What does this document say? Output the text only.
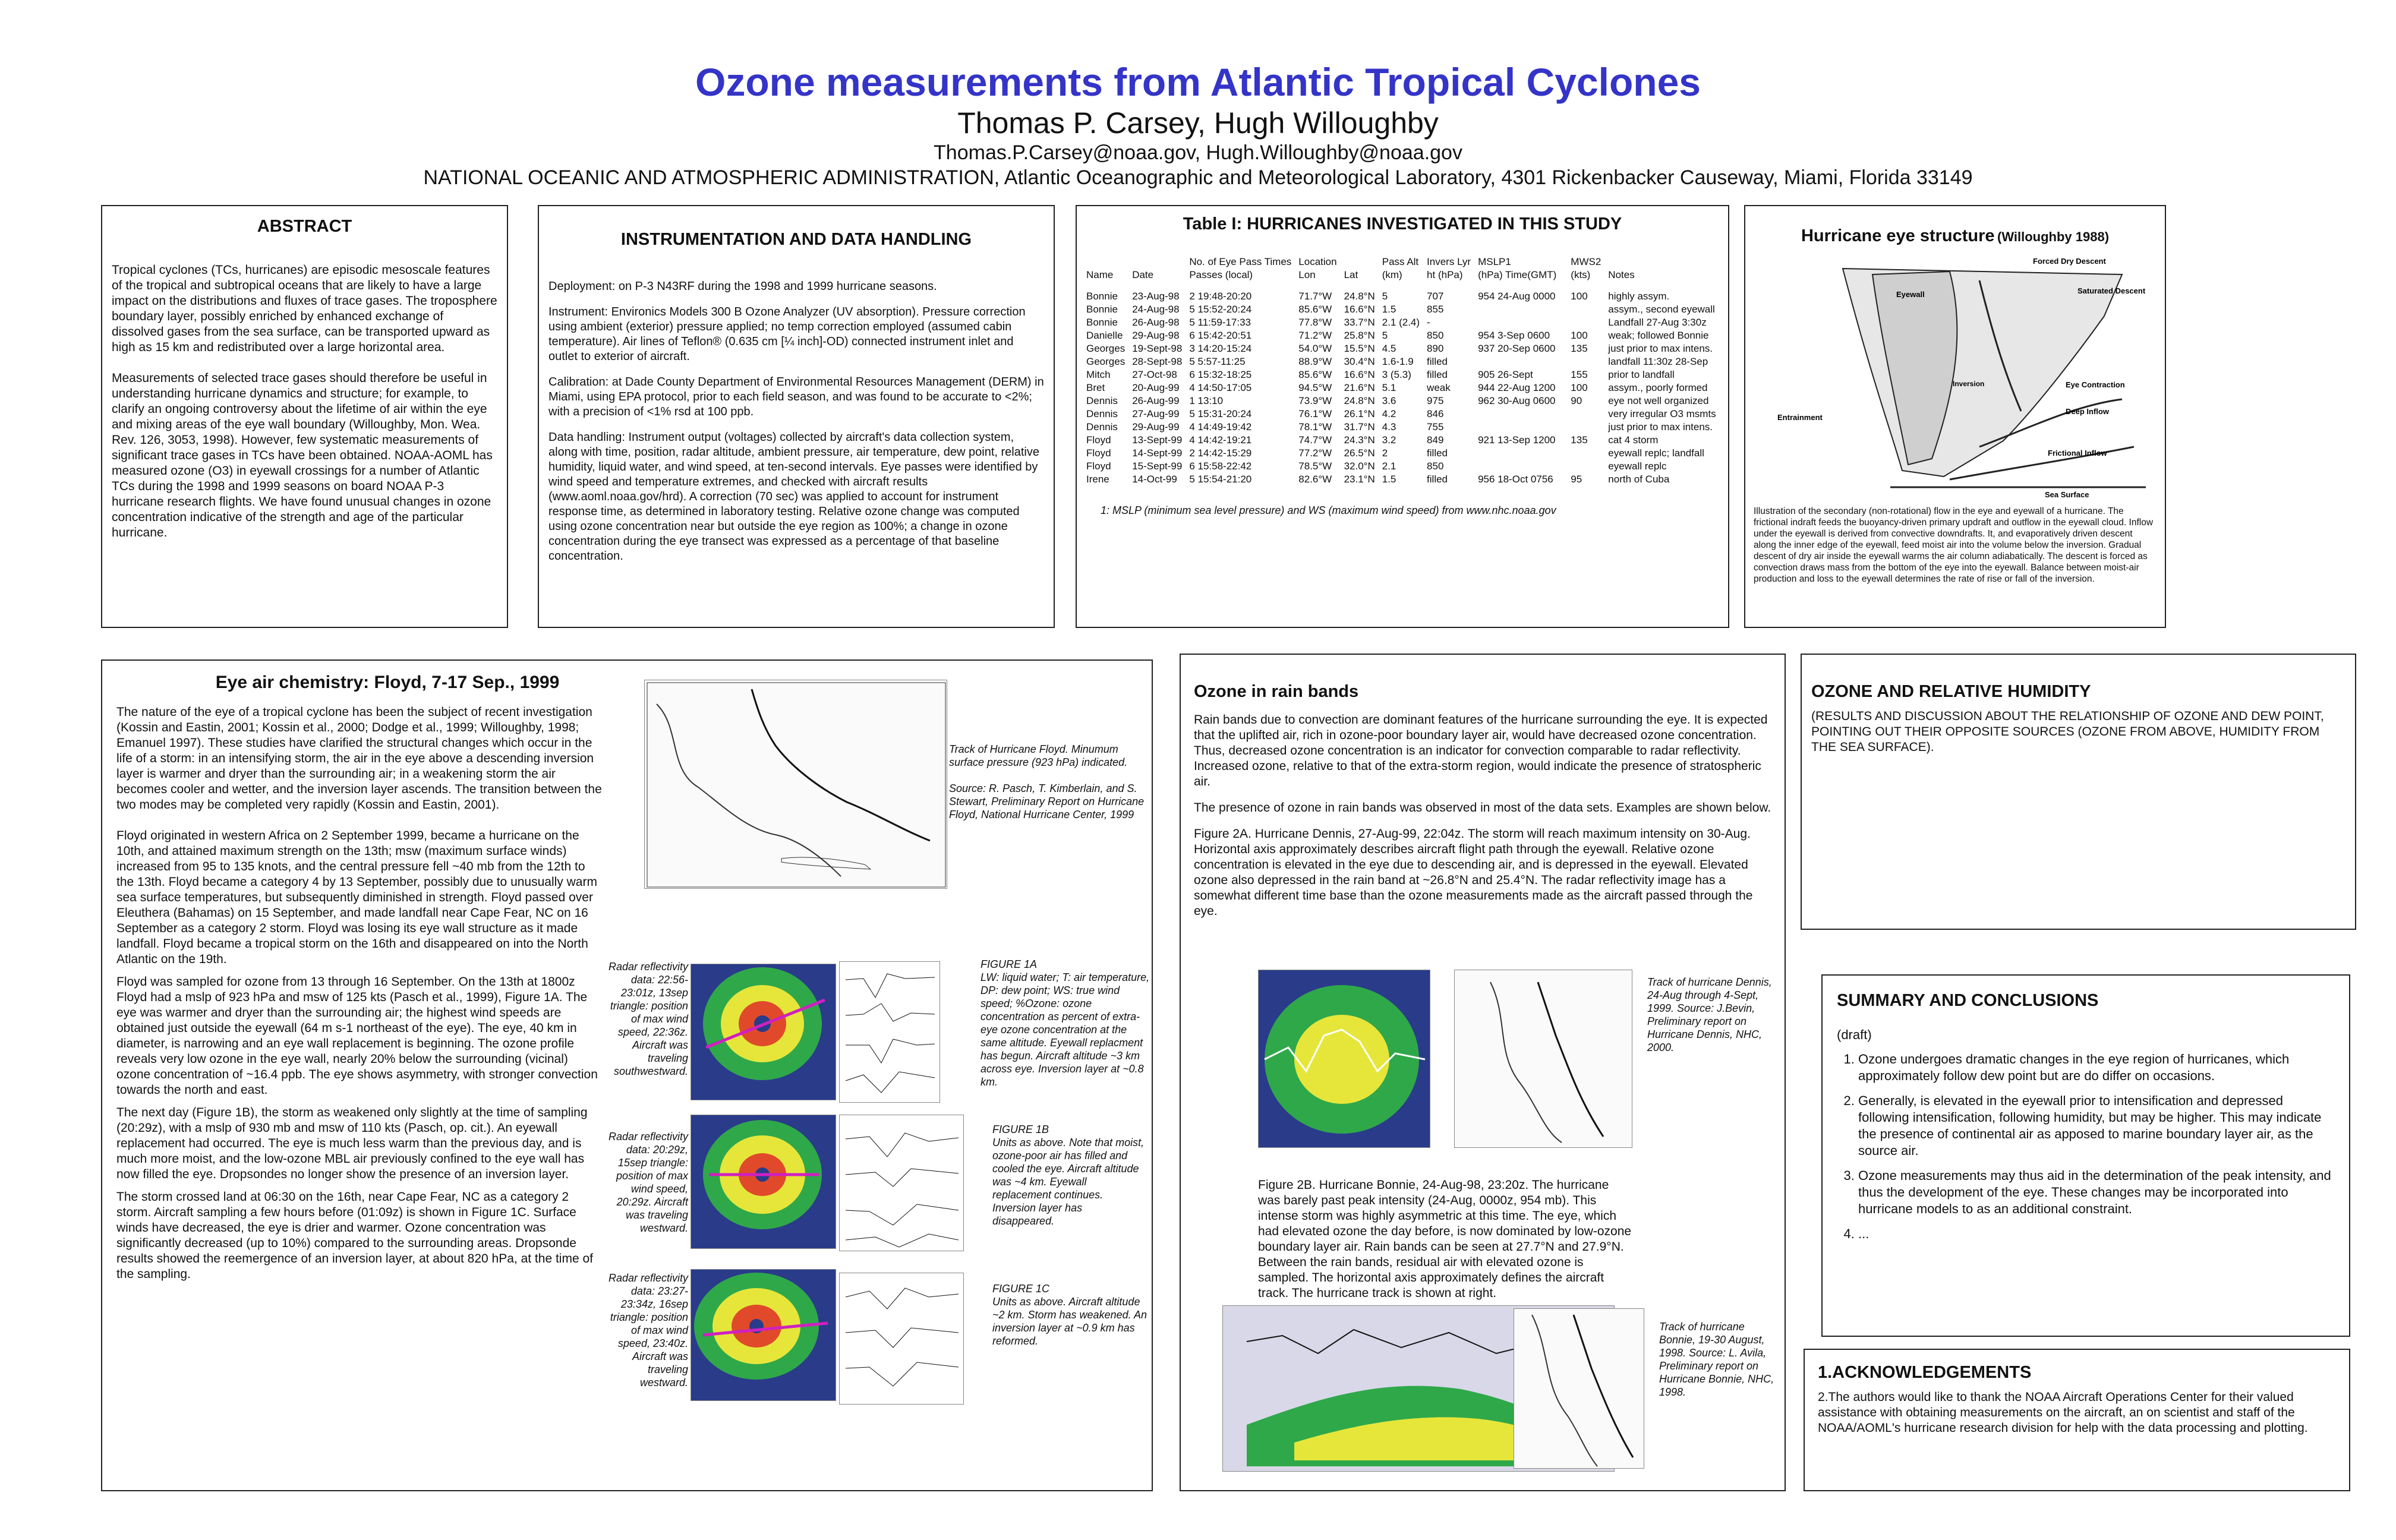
Ozone measurements from Atlantic Tropical Cyclones
Thomas P. Carsey, Hugh Willoughby
Thomas.P.Carsey@noaa.gov, Hugh.Willoughby@noaa.gov
NATIONAL OCEANIC AND ATMOSPHERIC ADMINISTRATION, Atlantic Oceanographic and Meteorological Laboratory, 4301 Rickenbacker Causeway, Miami, Florida 33149
ABSTRACT
Tropical cyclones (TCs, hurricanes) are episodic mesoscale features of the tropical and subtropical oceans that are likely to have a large impact on the distributions and fluxes of trace gases. The troposphere boundary layer, possibly enriched by enhanced exchange of dissolved gases from the sea surface, can be transported upward as high as 15 km and redistributed over a large horizontal area.
Measurements of selected trace gases should therefore be useful in understanding hurricane dynamics and structure; for example, to clarify an ongoing controversy about the lifetime of air within the eye and mixing areas of the eye wall boundary (Willoughby, Mon. Wea. Rev. 126, 3053, 1998). However, few systematic measurements of significant trace gases in TCs have been obtained. NOAA-AOML has measured ozone (O3) in eyewall crossings for a number of Atlantic TCs during the 1998 and 1999 seasons on board NOAA P-3 hurricane research flights. We have found unusual changes in ozone concentration indicative of the strength and age of the particular hurricane.
INSTRUMENTATION AND DATA HANDLING
Deployment: on P-3 N43RF during the 1998 and 1999 hurricane seasons.
Instrument: Environics Models 300 B Ozone Analyzer (UV absorption). Pressure correction using ambient (exterior) pressure applied; no temp correction employed (assumed cabin temperature). Air lines of Teflon® (0.635 cm [¼ inch]-OD) connected instrument inlet and outlet to exterior of aircraft.
Calibration: at Dade County Department of Environmental Resources Management (DERM) in Miami, using EPA protocol, prior to each field season, and was found to be accurate to <2%; with a precision of <1% rsd at 100 ppb.
Data handling: Instrument output (voltages) collected by aircraft's data collection system, along with time, position, radar altitude, ambient pressure, air temperature, dew point, relative humidity, liquid water, and wind speed, at ten-second intervals. Eye passes were identified by wind speed and temperature extremes, and checked with aircraft results (www.aoml.noaa.gov/hrd). A correction (70 sec) was applied to account for instrument response time, as determined in laboratory testing. Relative ozone change was computed using ozone concentration near but outside the eye region as 100%; a change in ozone concentration during the eye transect was expressed as a percentage of that baseline concentration.
Table I: HURRICANES INVESTIGATED IN THIS STUDY
		No. of Eye Pass Times	Location		Pass Alt	Invers Lyr	MSLP1		MWS2	
Name	Date	Passes (local)	Lon	Lat	(km)	ht (hPa)	(hPa) Time(GMT)		(kts)	Notes
Bonnie	23-Aug-98	2 19:48-20:20	71.7°W	24.8°N	5	707	954 24-Aug 0000		100	highly assym.
Bonnie	24-Aug-98	5 15:52-20:24	85.6°W	16.6°N	1.5	855				assym., second eyewall
Bonnie	26-Aug-98	5 11:59-17:33	77.8°W	33.7°N	2.1 (2.4)	-				Landfall 27-Aug 3:30z
Danielle	29-Aug-98	6 15:42-20:51	71.2°W	25.8°N	5	850	954 3-Sep 0600		100	weak; followed Bonnie
Georges	19-Sept-98	3 14:20-15:24	54.0°W	15.5°N	4.5	890	937 20-Sep 0600		135	just prior to max intens.
Georges	28-Sept-98	5 5:57-11:25	88.9°W	30.4°N	1.6-1.9	filled				landfall 11:30z 28-Sep
Mitch	27-Oct-98	6 15:32-18:25	85.6°W	16.6°N	3 (5.3)	filled	905 26-Sept		155	prior to landfall
Bret	20-Aug-99	4 14:50-17:05	94.5°W	21.6°N	5.1	weak	944 22-Aug 1200		100	assym., poorly formed
Dennis	26-Aug-99	1 13:10	73.9°W	24.8°N	3.6	975	962 30-Aug 0600		90	eye not well organized
Dennis	27-Aug-99	5 15:31-20:24	76.1°W	26.1°N	4.2	846				very irregular O3 msmts
Dennis	29-Aug-99	4 14:49-19:42	78.1°W	31.7°N	4.3	755				just prior to max intens.
Floyd	13-Sept-99	4 14:42-19:21	74.7°W	24.3°N	3.2	849	921 13-Sep 1200		135	cat 4 storm
Floyd	14-Sept-99	2 14:42-15:29	77.2°W	26.5°N	2	filled				eyewall replc; landfall
Floyd	15-Sept-99	6 15:58-22:42	78.5°W	32.0°N	2.1	850				eyewall replc
Irene	14-Oct-99	5 15:54-21:20	82.6°W	23.1°N	1.5	filled	956 18-Oct 0756		95	north of Cuba
1: MSLP (minimum sea level pressure) and WS (maximum wind speed) from www.nhc.noaa.gov
Hurricane eye structure (Willoughby 1988)
Forced Dry Descent
Saturated Descent
Eyewall
Entrainment
Eye Contraction
Deep Inflow
Frictional Inflow
Sea Surface
Inversion
Illustration of the secondary (non-rotational) flow in the eye and eyewall of a hurricane. The frictional indraft feeds the buoyancy-driven primary updraft and outflow in the eyewall cloud. Inflow under the eyewall is derived from convective downdrafts. It, and evaporatively driven descent along the inner edge of the eyewall, feed moist air into the volume below the inversion. Gradual descent of dry air inside the eyewall warms the air column adiabatically. The descent is forced as convection draws mass from the bottom of the eye into the eyewall. Balance between moist-air production and loss to the eyewall determines the rate of rise or fall of the inversion.
Eye air chemistry: Floyd, 7-17 Sep., 1999
The nature of the eye of a tropical cyclone has been the subject of recent investigation (Kossin and Eastin, 2001; Kossin et al., 2000; Dodge et al., 1999; Willoughby, 1998; Emanuel 1997). These studies have clarified the structural changes which occur in the life of a storm: in an intensifying storm, the air in the eye above a descending inversion layer is warmer and dryer than the surrounding air; in a weakening storm the air becomes cooler and wetter, and the inversion layer ascends. The transition between the two modes may be completed very rapidly (Kossin and Eastin, 2001).
Floyd originated in western Africa on 2 September 1999, became a hurricane on the 10th, and attained maximum strength on the 13th; msw (maximum surface winds) increased from 95 to 135 knots, and the central pressure fell ~40 mb from the 12th to the 13th. Floyd became a category 4 by 13 September, possibly due to unusually warm sea surface temperatures, but subsequently diminished in strength. Floyd passed over Eleuthera (Bahamas) on 15 September, and made landfall near Cape Fear, NC on 16 September as a category 2 storm. Floyd was losing its eye wall structure as it made landfall. Floyd became a tropical storm on the 16th and disappeared on into the North Atlantic on the 19th.
Floyd was sampled for ozone from 13 through 16 September. On the 13th at 1800z Floyd had a mslp of 923 hPa and msw of 125 kts (Pasch et al., 1999), Figure 1A. The eye was warmer and dryer than the surrounding air; the highest wind speeds are obtained just outside the eyewall (64 m s-1 northeast of the eye). The eye, 40 km in diameter, is narrowing and an eye wall replacement is beginning. The ozone profile reveals very low ozone in the eye wall, nearly 20% below the surrounding (vicinal) ozone concentration of ~16.4 ppb. The eye shows asymmetry, with stronger convection towards the north and east.
The next day (Figure 1B), the storm as weakened only slightly at the time of sampling (20:29z), with a mslp of 930 mb and msw of 110 kts (Pasch, op. cit.). An eyewall replacement had occurred. The eye is much less warm than the previous day, and is much more moist, and the low-ozone MBL air previously confined to the eye wall has now filled the eye. Dropsondes no longer show the presence of an inversion layer.
The storm crossed land at 06:30 on the 16th, near Cape Fear, NC as a category 2 storm. Aircraft sampling a few hours before (01:09z) is shown in Figure 1C. Surface winds have decreased, the eye is drier and warmer. Ozone concentration was significantly decreased (up to 10%) compared to the surrounding areas. Dropsonde results showed the reemergence of an inversion layer, at about 820 hPa, at the time of the sampling.
Track of Hurricane Floyd. Minumum surface pressure (923 hPa) indicated.
Source: R. Pasch, T. Kimberlain, and S. Stewart, Preliminary Report on Hurricane Floyd, National Hurricane Center, 1999
Radar reflectivity data: 22:56-23:01z, 13sep triangle: position of max wind speed, 22:36z. Aircraft was traveling southwestward.
FIGURE 1A
LW: liquid water; T: air temperature, DP: dew point; WS: true wind speed; %Ozone: ozone concentration as percent of extra-eye ozone concentration at the same altitude. Eyewall replacment has begun. Aircraft altitude ~3 km across eye. Inversion layer at ~0.8 km.
Radar reflectivity data: 20:29z, 15sep triangle: position of max wind speed, 20:29z. Aircraft was traveling westward.
FIGURE 1B
Units as above. Note that moist, ozone-poor air has filled and cooled the eye. Aircraft altitude was ~4 km. Eyewall replacement continues. Inversion layer has disappeared.
Radar reflectivity data: 23:27-23:34z, 16sep triangle: position of max wind speed, 23:40z. Aircraft was traveling westward.
FIGURE 1C
Units as above. Aircraft altitude ~2 km. Storm has weakened. An inversion layer at ~0.9 km has reformed.
Ozone in rain bands
Rain bands due to convection are dominant features of the hurricane surrounding the eye. It is expected that the uplifted air, rich in ozone-poor boundary layer air, would have decreased ozone concentration. Thus, decreased ozone concentration is an indicator for convection comparable to radar reflectivity. Increased ozone, relative to that of the extra-storm region, would indicate the presence of stratospheric air.
The presence of ozone in rain bands was observed in most of the data sets. Examples are shown below.
Figure 2A. Hurricane Dennis, 27-Aug-99, 22:04z. The storm will reach maximum intensity on 30-Aug. Horizontal axis approximately describes aircraft flight path through the eyewall. Relative ozone concentration is elevated in the eye due to descending air, and is depressed in the eyewall. Elevated ozone also depressed in the rain band at ~26.8°N and 25.4°N. The radar reflectivity image has a somewhat different time base than the ozone measurements made as the aircraft passed through the eye.
Track of hurricane Dennis, 24-Aug through 4-Sept, 1999. Source: J.Bevin, Preliminary report on Hurricane Dennis, NHC, 2000.
Figure 2B. Hurricane Bonnie, 24-Aug-98, 23:20z. The hurricane was barely past peak intensity (24-Aug, 0000z, 954 mb). This intense storm was highly asymmetric at this time. The eye, which had elevated ozone the day before, is now dominated by low-ozone boundary layer air. Rain bands can be seen at 27.7°N and 27.9°N. Between the rain bands, residual air with elevated ozone is sampled. The horizontal axis approximately defines the aircraft track. The hurricane track is shown at right.
Track of hurricane Bonnie, 19-30 August, 1998. Source: L. Avila, Preliminary report on Hurricane Bonnie, NHC, 1998.
OZONE AND RELATIVE HUMIDITY
(RESULTS AND DISCUSSION ABOUT THE RELATIONSHIP OF OZONE AND DEW POINT, POINTING OUT THEIR OPPOSITE SOURCES (OZONE FROM ABOVE, HUMIDITY FROM THE SEA SURFACE).
SUMMARY AND CONCLUSIONS
(draft)
1. Ozone undergoes dramatic changes in the eye region of hurricanes, which approximately follow dew point but are do differ on occasions.
2. Generally, is elevated in the eyewall prior to intensification and depressed following intensification, following humidity, but may be higher. This may indicate the presence of continental air as apposed to marine boundary layer air, as the source air.
3. Ozone measurements may thus aid in the determination of the peak intensity, and thus the development of the eye. These changes may be incorporated into hurricane models to as an additional constraint.
4. ...
1.ACKNOWLEDGEMENTS
2.The authors would like to thank the NOAA Aircraft Operations Center for their valued assistance with obtaining measurements on the aircraft, an on scientist and staff of the NOAA/AOML's hurricane research division for help with the data processing and plotting.
